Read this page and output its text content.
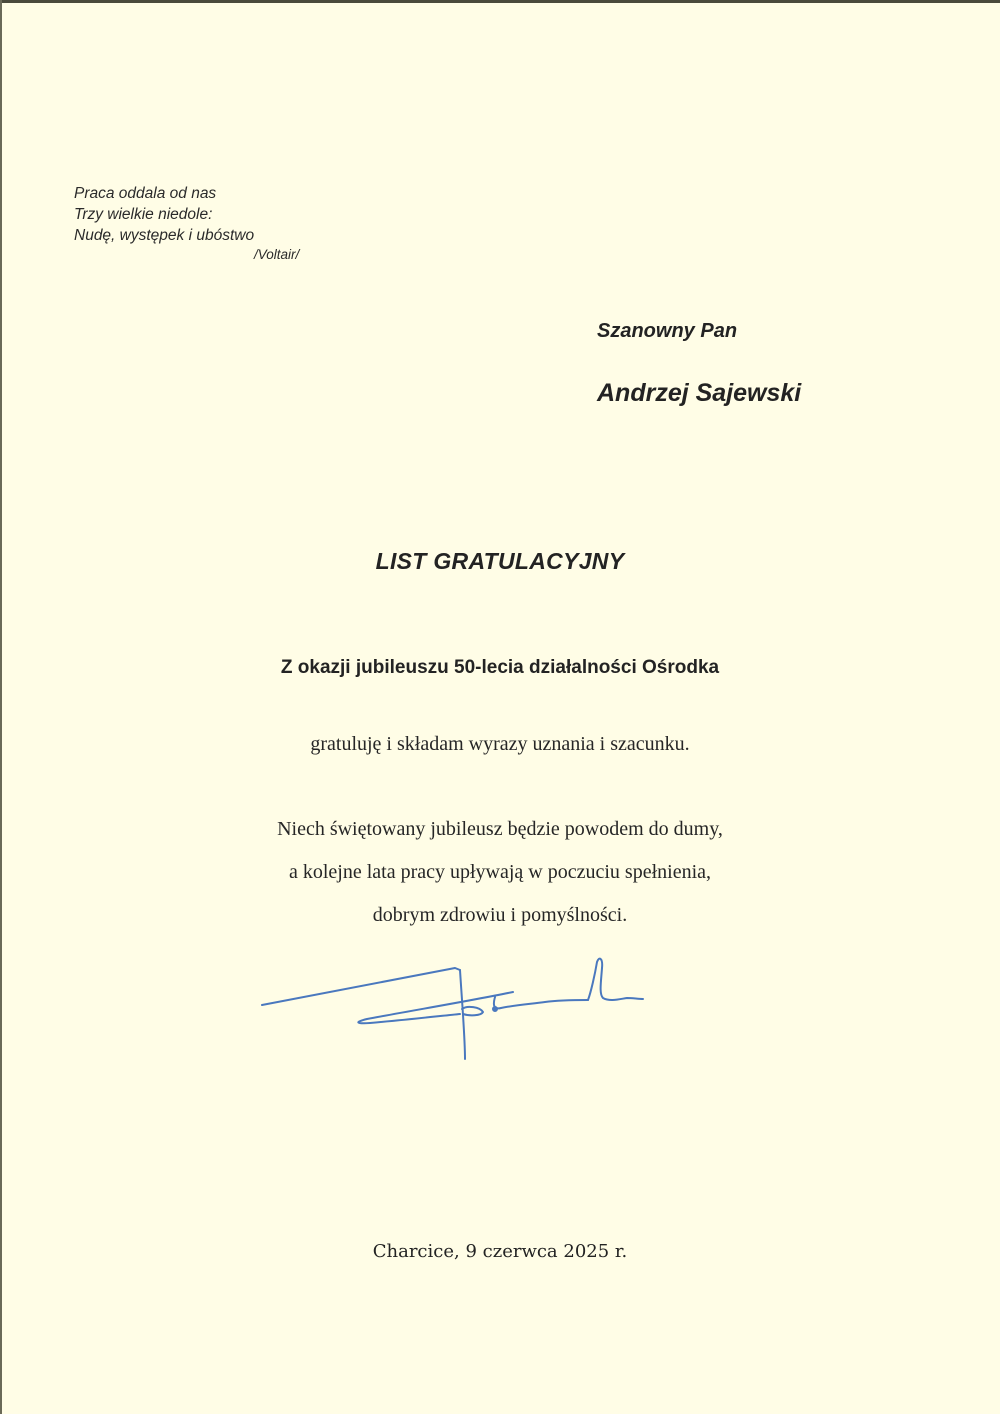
Praca oddala od nas
Trzy wielkie niedole:
Nudę, występek i ubóstwo
/Voltair/
Szanowny Pan
Andrzej Sajewski
LIST GRATULACYJNY
Z okazji jubileuszu 50-lecia działalności Ośrodka
gratuluję i składam wyrazy uznania i szacunku.
Niech świętowany jubileusz będzie powodem do dumy,
a kolejne lata pracy upływają w poczuciu spełnienia,
dobrym zdrowiu i pomyślności.
Charcice, 9 czerwca 2025 r.
